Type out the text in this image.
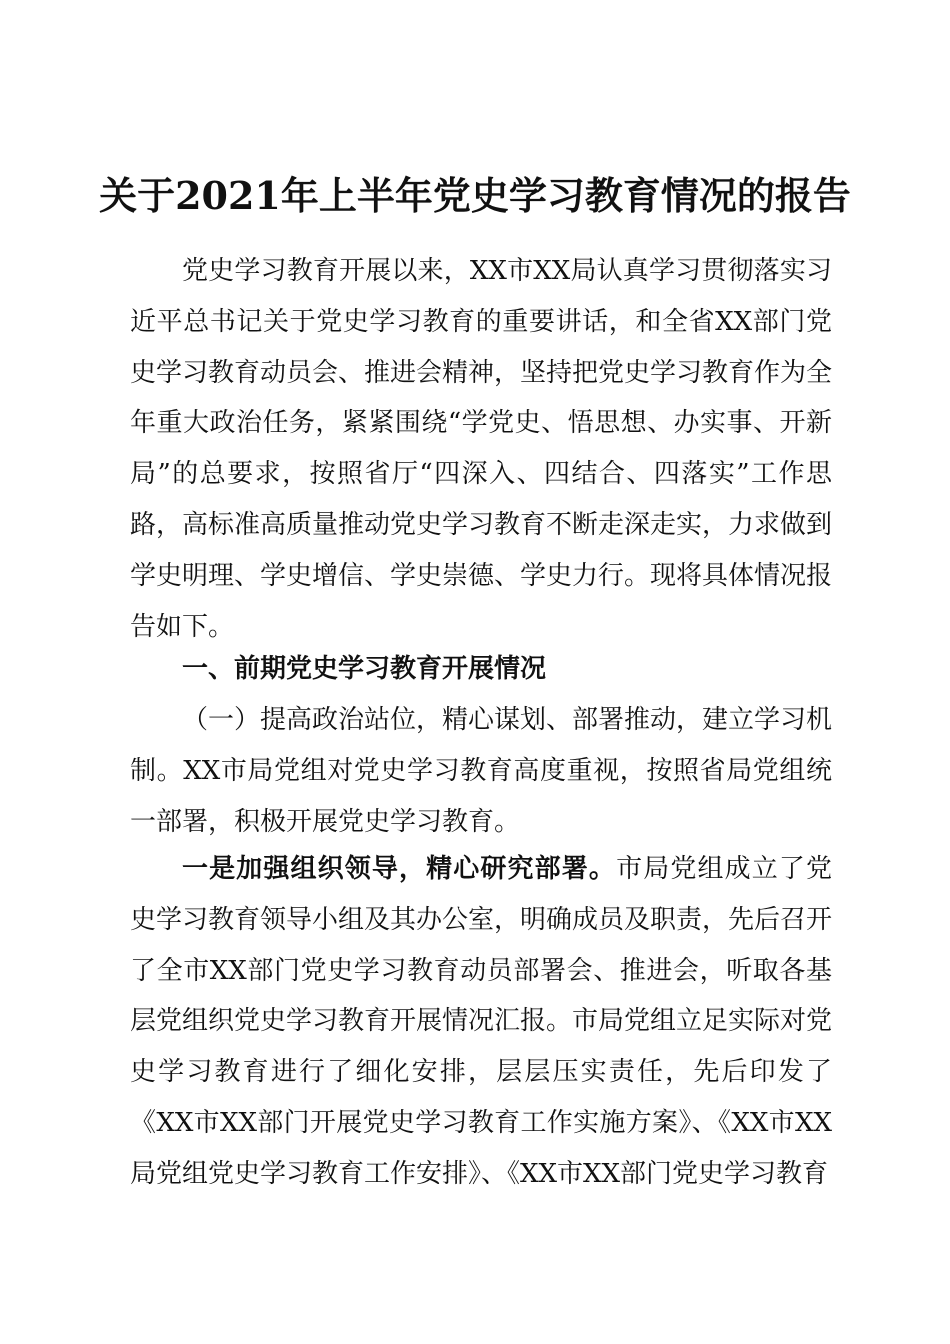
关于2021年上半年党史学习教育情况的报告

党史学习教育开展以来，XX市XX局认真学习贯彻落实习近平总书记关于党史学习教育的重要讲话，和全省XX部门党史学习教育动员会、推进会精神，坚持把党史学习教育作为全年重大政治任务，紧紧围绕“学党史、悟思想、办实事、开新局”的总要求，按照省厅“四深入、四结合、四落实”工作思路，高标准高质量推动党史学习教育不断走深走实，力求做到学史明理、学史增信、学史崇德、学史力行。现将具体情况报告如下。

一、前期党史学习教育开展情况

（一）提高政治站位，精心谋划、部署推动，建立学习机制。XX市局党组对党史学习教育高度重视，按照省局党组统一部署，积极开展党史学习教育。

一是加强组织领导，精心研究部署。市局党组成立了党史学习教育领导小组及其办公室，明确成员及职责，先后召开了全市XX部门党史学习教育动员部署会、推进会，听取各基层党组织党史学习教育开展情况汇报。市局党组立足实际对党史学习教育进行了细化安排，层层压实责任，先后印发了《XX市XX部门开展党史学习教育工作实施方案》、《XX市XX局党组党史学习教育工作安排》、《XX市XX部门党史学习教育
